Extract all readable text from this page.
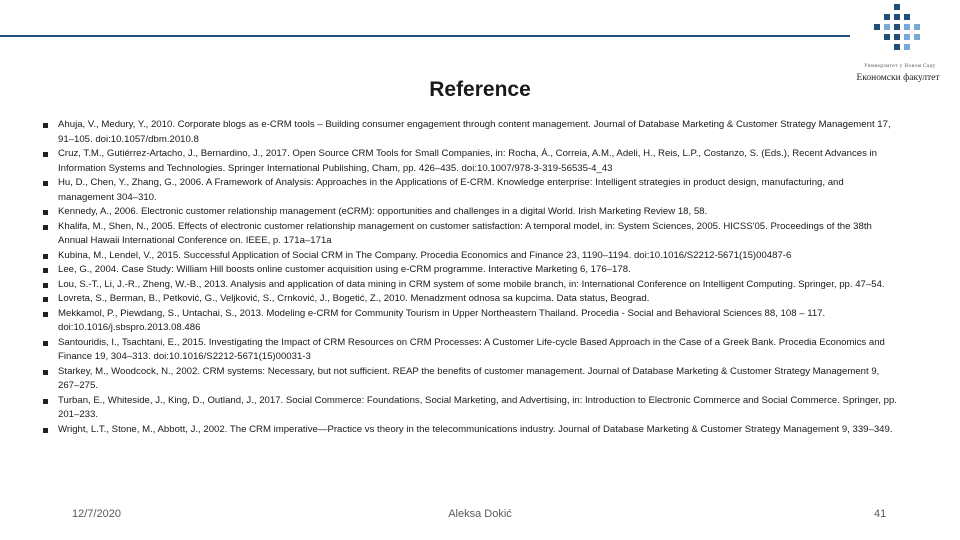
Универзитет у Новом Саду
Економски факултет
Reference
Ahuja, V., Medury, Y., 2010. Corporate blogs as e-CRM tools – Building consumer engagement through content management. Journal of Database Marketing & Customer Strategy Management 17, 91–105. doi:10.1057/dbm.2010.8
Cruz, T.M., Gutiérrez-Artacho, J., Bernardino, J., 2017. Open Source CRM Tools for Small Companies, in: Rocha, Á., Correia, A.M., Adeli, H., Reis, L.P., Costanzo, S. (Eds.), Recent Advances in Information Systems and Technologies. Springer International Publishing, Cham, pp. 426–435. doi:10.1007/978-3-319-56535-4_43
Hu, D., Chen, Y., Zhang, G., 2006. A Framework of Analysis: Approaches in the Applications of E-CRM. Knowledge enterprise: Intelligent strategies in product design, manufacturing, and management 304–310.
Kennedy, A., 2006. Electronic customer relationship management (eCRM): opportunities and challenges in a digital World. Irish Marketing Review 18, 58.
Khalifa, M., Shen, N., 2005. Effects of electronic customer relationship management on customer satisfaction: A temporal model, in: System Sciences, 2005. HICSS'05. Proceedings of the 38th Annual Hawaii International Conference on. IEEE, p. 171a–171a
Kubina, M., Lendel, V., 2015. Successful Application of Social CRM in The Company. Procedia Economics and Finance 23, 1190–1194. doi:10.1016/S2212-5671(15)00487-6
Lee, G., 2004. Case Study: William Hill boosts online customer acquisition using e-CRM programme. Interactive Marketing 6, 176–178.
Lou, S.-T., Li, J.-R., Zheng, W.-B., 2013. Analysis and application of data mining in CRM system of some mobile branch, in: International Conference on Intelligent Computing. Springer, pp. 47–54.
Lovreta, S., Berman, B., Petković, G., Veljković, S., Crnković, J., Bogetić, Z., 2010. Menadzment odnosa sa kupcima. Data status, Beograd.
Mekkamol, P., Piewdang, S., Untachai, S., 2013. Modeling e-CRM for Community Tourism in Upper Northeastern Thailand. Procedia - Social and Behavioral Sciences 88, 108 – 117. doi:10.1016/j.sbspro.2013.08.486
Santouridis, I., Tsachtani, E., 2015. Investigating the Impact of CRM Resources on CRM Processes: A Customer Life-cycle Based Approach in the Case of a Greek Bank. Procedia Economics and Finance 19, 304–313. doi:10.1016/S2212-5671(15)00031-3
Starkey, M., Woodcock, N., 2002. CRM systems: Necessary, but not sufficient. REAP the benefits of customer management. Journal of Database Marketing & Customer Strategy Management 9, 267–275.
Turban, E., Whiteside, J., King, D., Outland, J., 2017. Social Commerce: Foundations, Social Marketing, and Advertising, in: Introduction to Electronic Commerce and Social Commerce. Springer, pp. 201–233.
Wright, L.T., Stone, M., Abbott, J., 2002. The CRM imperative—Practice vs theory in the telecommunications industry. Journal of Database Marketing & Customer Strategy Management 9, 339–349.
12/7/2020	Aleksa Dokić	41
